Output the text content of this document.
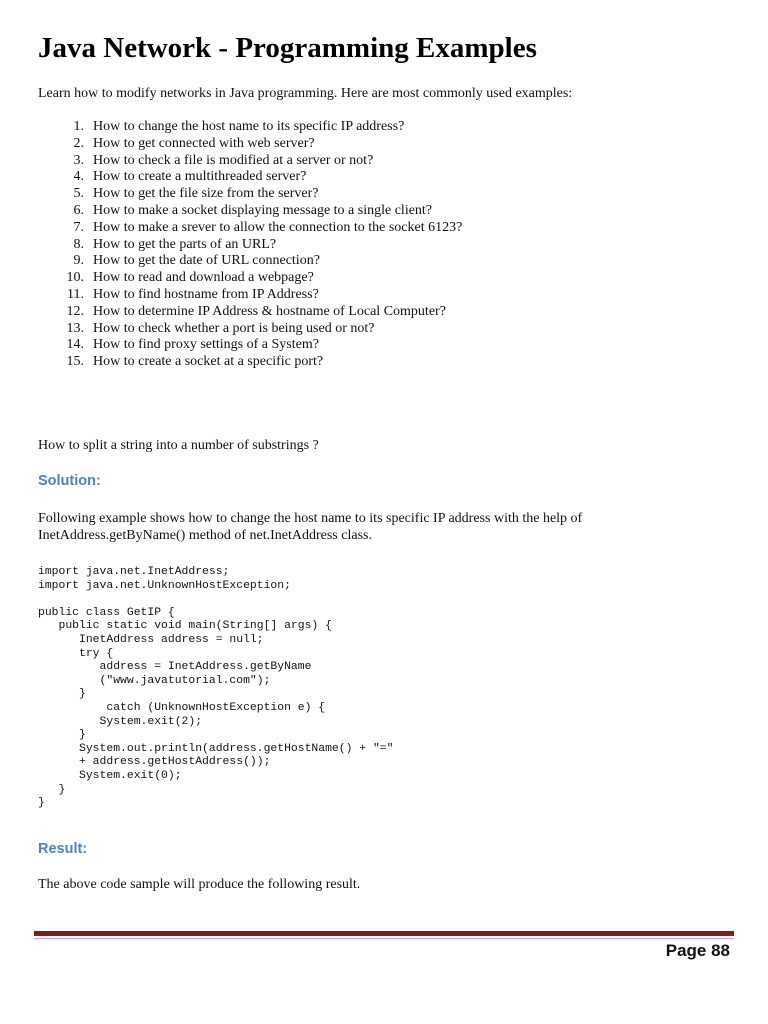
Java Network - Programming Examples
Learn how to modify networks in Java programming. Here are most commonly used examples:
1. How to change the host name to its specific IP address?
2. How to get connected with web server?
3. How to check a file is modified at a server or not?
4. How to create a multithreaded server?
5. How to get the file size from the server?
6. How to make a socket displaying message to a single client?
7. How to make a srever to allow the connection to the socket 6123?
8. How to get the parts of an URL?
9. How to get the date of URL connection?
10. How to read and download a webpage?
11. How to find hostname from IP Address?
12. How to determine IP Address & hostname of Local Computer?
13. How to check whether a port is being used or not?
14. How to find proxy settings of a System?
15. How to create a socket at a specific port?
How to split a string into a number of substrings ?
Solution:
Following example shows how to change the host name to its specific IP address with the help of InetAddress.getByName() method of net.InetAddress class.
import java.net.InetAddress;
import java.net.UnknownHostException;

public class GetIP {
public static void main(String[] args) {
InetAddress address = null;
try {
address = InetAddress.getByName
("www.javatutorial.com");
}
catch (UnknownHostException e) {
System.exit(2);
}
System.out.println(address.getHostName() + "="
+ address.getHostAddress());
System.exit(0);
}
}
Result:
The above code sample will produce the following result.
Page 88
